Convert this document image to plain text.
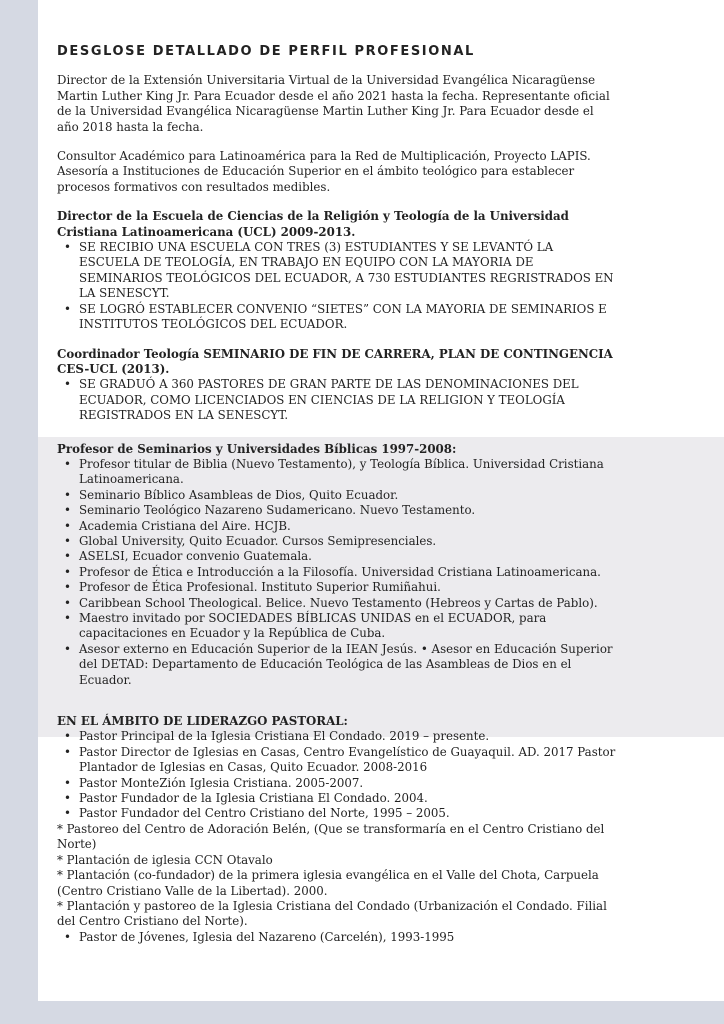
DESGLOSE DETALLADO DE PERFIL PROFESIONAL

Director de la Extensión Universitaria Virtual de la Universidad Evangélica Nicaragüense Martin Luther King Jr. Para Ecuador desde el año 2021 hasta la fecha. Representante oficial de la Universidad Evangélica Nicaragüense Martin Luther King Jr. Para Ecuador desde el año 2018 hasta la fecha.

Consultor Académico para Latinoamérica para la Red de Multiplicación, Proyecto LAPIS. Asesoría a Instituciones de Educación Superior en el ámbito teológico para establecer procesos formativos con resultados medibles.

Director de la Escuela de Ciencias de la Religión y Teología de la Universidad Cristiana Latinoamericana (UCL) 2009-2013.

• SE RECIBIO UNA ESCUELA CON TRES (3) ESTUDIANTES Y SE LEVANTÓ LA ESCUELA DE TEOLOGÍA, EN TRABAJO EN EQUIPO CON LA MAYORIA DE SEMINARIOS TEOLÓGICOS DEL ECUADOR, A 730 ESTUDIANTES REGRISTRADOS EN LA SENESCYT.
• SE LOGRÓ ESTABLECER CONVENIO “SIETES” CON LA MAYORIA DE SEMINARIOS E INSTITUTOS TEOLÓGICOS DEL ECUADOR.

Coordinador Teología SEMINARIO DE FIN DE CARRERA, PLAN DE CONTINGENCIA CES-UCL (2013).

• SE GRADUÓ A 360 PASTORES DE GRAN PARTE DE LAS DENOMINACIONES DEL ECUADOR, COMO LICENCIADOS EN CIENCIAS DE LA RELIGION Y TEOLOGÍA REGISTRADOS EN LA SENESCYT.

Profesor de Seminarios y Universidades Bíblicas 1997-2008:

• Profesor titular de Biblia (Nuevo Testamento), y Teología Bíblica. Universidad Cristiana Latinoamericana.
• Seminario Bíblico Asambleas de Dios, Quito Ecuador.
• Seminario Teológico Nazareno Sudamericano. Nuevo Testamento.
• Academia Cristiana del Aire. HCJB.
• Global University, Quito Ecuador. Cursos Semipresenciales.
• ASELSI, Ecuador convenio Guatemala.
• Profesor de Ética e Introducción a la Filosofía. Universidad Cristiana Latinoamericana.
• Profesor de Ética Profesional. Instituto Superior Rumiñahui.
• Caribbean School Theological. Belice. Nuevo Testamento (Hebreos y Cartas de Pablo).
• Maestro invitado por SOCIEDADES BÍBLICAS UNIDAS en el ECUADOR, para capacitaciones en Ecuador y la República de Cuba.
• Asesor externo en Educación Superior de la IEAN Jesús. • Asesor en Educación Superior del DETAD: Departamento de Educación Teológica de las Asambleas de Dios en el Ecuador.

EN EL ÁMBITO DE LIDERAZGO PASTORAL:

• Pastor Principal de la Iglesia Cristiana El Condado. 2019 – presente.
• Pastor Director de Iglesias en Casas, Centro Evangelístico de Guayaquil. AD. 2017 Pastor Plantador de Iglesias en Casas, Quito Ecuador. 2008-2016
• Pastor MonteZión Iglesia Cristiana. 2005-2007.
• Pastor Fundador de la Iglesia Cristiana El Condado. 2004.
• Pastor Fundador del Centro Cristiano del Norte, 1995 – 2005.

* Pastoreo del Centro de Adoración Belén, (Que se transformaría en el Centro Cristiano del Norte)

* Plantación de iglesia CCN Otavalo

* Plantación (co-fundador) de la primera iglesia evangélica en el Valle del Chota, Carpuela (Centro Cristiano Valle de la Libertad). 2000.

* Plantación y pastoreo de la Iglesia Cristiana del Condado (Urbanización el Condado. Filial del Centro Cristiano del Norte).

• Pastor de Jóvenes, Iglesia del Nazareno (Carcelén), 1993-1995
